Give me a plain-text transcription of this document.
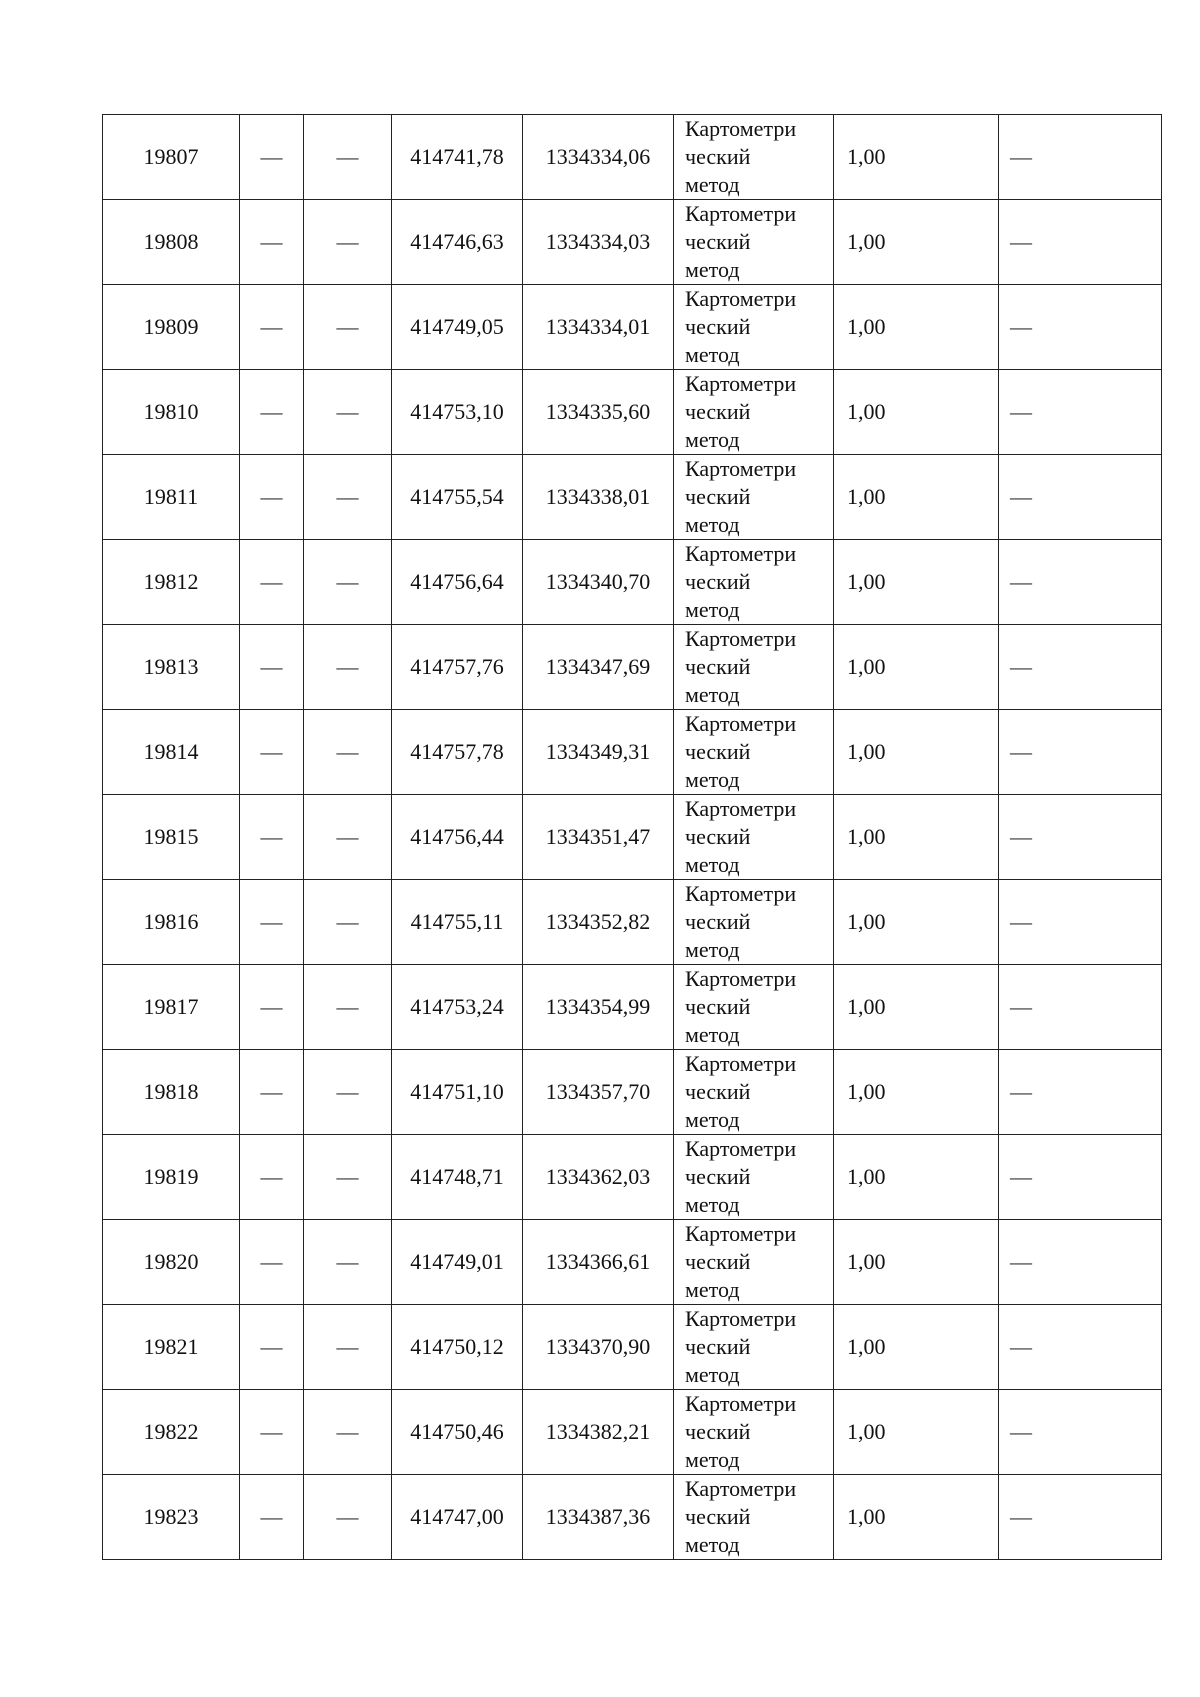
19807	—	—	414741,78	1334334,06	Картометри
ческий
метод	1,00	—
19808	—	—	414746,63	1334334,03	Картометри
ческий
метод	1,00	—
19809	—	—	414749,05	1334334,01	Картометри
ческий
метод	1,00	—
19810	—	—	414753,10	1334335,60	Картометри
ческий
метод	1,00	—
19811	—	—	414755,54	1334338,01	Картометри
ческий
метод	1,00	—
19812	—	—	414756,64	1334340,70	Картометри
ческий
метод	1,00	—
19813	—	—	414757,76	1334347,69	Картометри
ческий
метод	1,00	—
19814	—	—	414757,78	1334349,31	Картометри
ческий
метод	1,00	—
19815	—	—	414756,44	1334351,47	Картометри
ческий
метод	1,00	—
19816	—	—	414755,11	1334352,82	Картометри
ческий
метод	1,00	—
19817	—	—	414753,24	1334354,99	Картометри
ческий
метод	1,00	—
19818	—	—	414751,10	1334357,70	Картометри
ческий
метод	1,00	—
19819	—	—	414748,71	1334362,03	Картометри
ческий
метод	1,00	—
19820	—	—	414749,01	1334366,61	Картометри
ческий
метод	1,00	—
19821	—	—	414750,12	1334370,90	Картометри
ческий
метод	1,00	—
19822	—	—	414750,46	1334382,21	Картометри
ческий
метод	1,00	—
19823	—	—	414747,00	1334387,36	Картометри
ческий
метод	1,00	—
